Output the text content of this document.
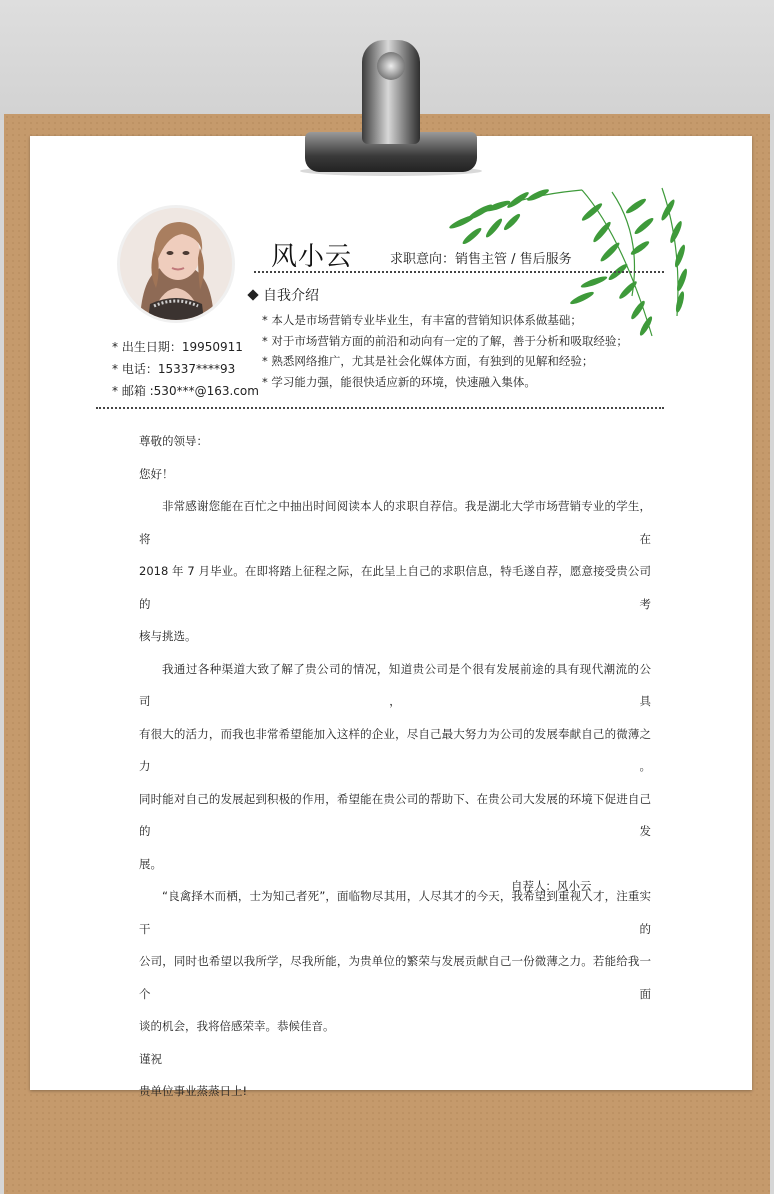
风小云	求职意向：销售主管 / 售后服务
自我介绍
* 本人是市场营销专业毕业生，有丰富的营销知识体系做基础；
* 对于市场营销方面的前沿和动向有一定的了解，善于分析和吸取经验；
* 熟悉网络推广，尤其是社会化媒体方面，有独到的见解和经验；
* 学习能力强，能很快适应新的环境，快速融入集体。
* 出生日期：19950911
* 电话：15337****93
* 邮箱 :530***@163.com

尊敬的领导：

您好！

非常感谢您能在百忙之中抽出时间阅读本人的求职自荐信。我是湖北大学市场营销专业的学生，将在

2018 年 7 月毕业。在即将踏上征程之际，在此呈上自己的求职信息，特毛遂自荐，愿意接受贵公司的考

核与挑选。

我通过各种渠道大致了解了贵公司的情况，知道贵公司是个很有发展前途的具有现代潮流的公司，具

有很大的活力，而我也非常希望能加入这样的企业，尽自己最大努力为公司的发展奉献自己的微薄之力。

同时能对自己的发展起到积极的作用，希望能在贵公司的帮助下、在贵公司大发展的环境下促进自己的发

展。

“良禽择木而栖，士为知己者死”，面临物尽其用，人尽其才的今天，我希望到重视人才，注重实干的

公司，同时也希望以我所学，尽我所能，为贵单位的繁荣与发展贡献自己一份微薄之力。若能给我一个面

谈的机会，我将倍感荣幸。恭候佳音。

谨祝

贵单位事业蒸蒸日上!

自荐人：风小云
